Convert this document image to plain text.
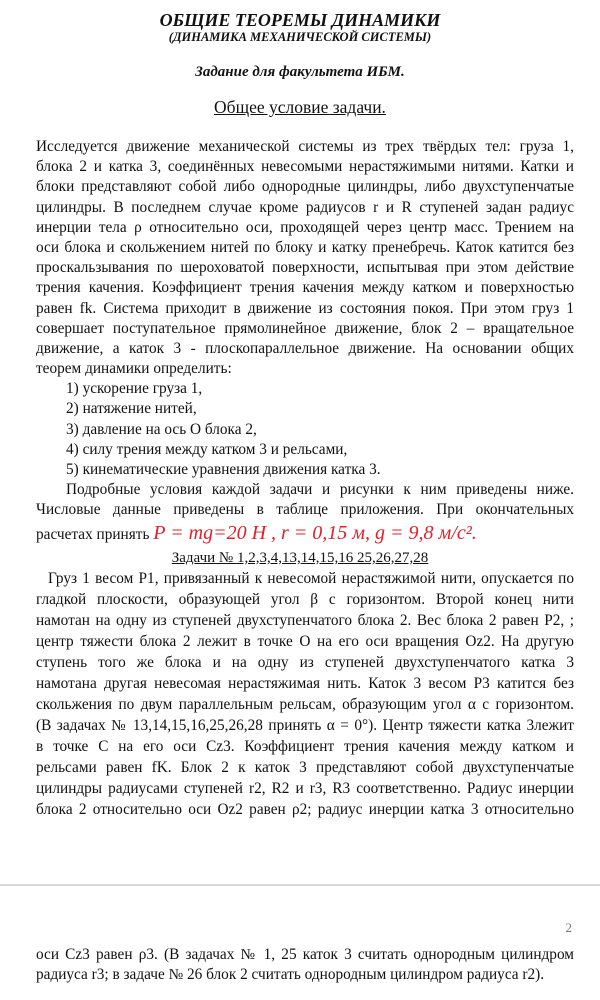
ОБЩИЕ ТЕОРЕМЫ ДИНАМИКИ
(ДИНАМИКА МЕХАНИЧЕСКОЙ СИСТЕМЫ)
Задание для факультета ИБМ.
Общее условие задачи.
Исследуется движение механической системы из трех твёрдых тел: груза 1,
блока 2 и катка 3, соединённых невесомыми нерастяжимыми нитями. Катки и
блоки представляют собой либо однородные цилиндры, либо двухступенчатые
цилиндры. В последнем случае кроме радиусов r и R ступеней задан радиус
инерции тела ρ относительно оси, проходящей через центр масс. Трением на
оси блока и скольжением нитей по блоку и катку пренебречь. Каток катится без
проскальзывания по шероховатой поверхности, испытывая при этом действие
трения качения. Коэффициент трения качения между катком и поверхностью
равен fk. Система приходит в движение из состояния покоя. При этом груз 1
совершает поступательное прямолинейное движение, блок 2 – вращательное
движение, а каток 3 - плоскопараллельное движение. На основании общих
теорем динамики определить:
1) ускорение груза 1,
2) натяжение нитей,
3) давление на ось O блока 2,
4) силу трения между катком 3 и рельсами,
5) кинематические уравнения движения катка 3.
Подробные условия каждой задачи и рисунки к ним приведены ниже.
Числовые данные приведены в таблице приложения. При окончательных
расчетах принять P = mg=20 H , r = 0,15 м, g = 9,8 м/с².
Задачи № 1,2,3,4,13,14,15,16 25,26,27,28
Груз 1 весом P1, привязанный к невесомой нерастяжимой нити, опускается по
гладкой плоскости, образующей угол β с горизонтом. Второй конец нити
намотан на одну из ступеней двухступенчатого блока 2. Вес блока 2 равен P2, ;
центр тяжести блока 2 лежит в точке O на его оси вращения Oz2. На другую
ступень того же блока и на одну из ступеней двухступенчатого катка 3
намотана другая невесомая нерастяжимая нить. Каток 3 весом P3 катится без
скольжения по двум параллельным рельсам, образующим угол α с горизонтом.
(В задачах № 13,14,15,16,25,26,28 принять α = 0°). Центр тяжести катка 3лежит
в точке C на его оси Cz3. Коэффициент трения качения между катком и
рельсами равен fK. Блок 2 к каток 3 представляют собой двухступенчатые
цилиндры радиусами ступеней r2, R2 и r3, R3 соответственно. Радиус инерции
блока 2 относительно оси Oz2 равен ρ2; радиус инерции катка 3 относительно
2
оси Cz3 равен ρ3. (В задачах № 1, 25 каток 3 считать однородным цилиндром
радиуса r3; в задаче № 26 блок 2 считать однородным цилиндром радиуса r2).
